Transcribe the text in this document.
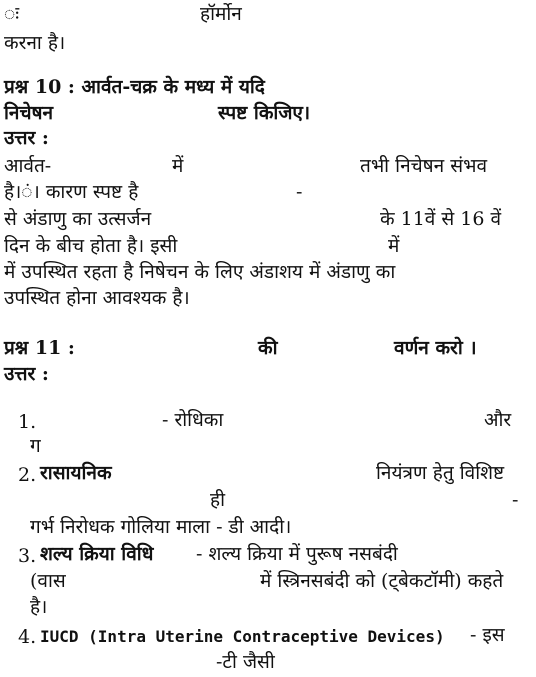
ः	हॉर्मोन
करना है।
प्रश्न 10 : आर्वत-चक्र के मध्य में यदि
निचेषन	स्पष्ट किजिए।
उत्तर :
आर्वत-	में	तभी निचेषन संभव
है।ं। कारण स्पष्ट है	-
से अंडाणु का उत्सर्जन	के 11वें से 16 वें
दिन के बीच होता है। इसी	में
में उपस्थित रहता है निषेचन के लिए अंडाशय में अंडाणु का
उपस्थित होना आवश्यक है।
प्रश्न 11 :	की	वर्णन करो ।
उत्तर :
1.	- रोधिका	और
ग
2. रासायनिक	नियंत्रण हेतु विशिष्ट
ही	-
गर्भ निरोधक गोलिया माला - डी आदी।
3. शल्य क्रिया विधि - शल्य क्रिया में पुरूष नसबंदी
(वास	में स्त्रिनसबंदी को (ट्बेकटॉमी) कहते
है।
4. IUCD (Intra Uterine Contraceptive Devices) - इस
-टी जैसी
